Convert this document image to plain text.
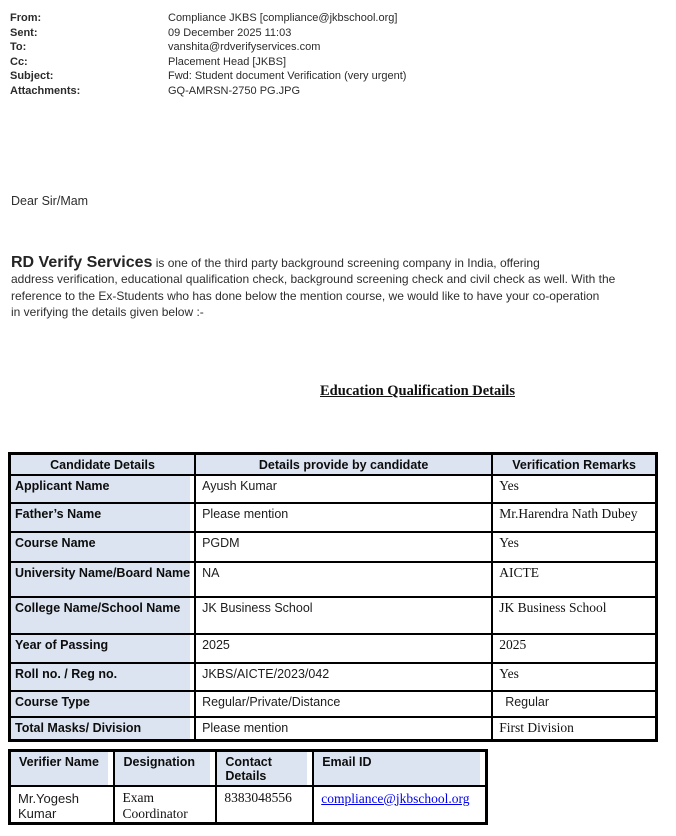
From:	Compliance JKBS [compliance@jkbschool.org]
Sent:	09 December 2025 11:03
To:	vanshita@rdverifyservices.com
Cc:	Placement Head [JKBS]
Subject:	Fwd: Student document Verification (very urgent)
Attachments:	GQ-AMRSN-2750 PG.JPG
Dear Sir/Mam
RD Verify Services is one of the third party background screening company in India, offering
address verification, educational qualification check, background screening check and civil check as well. With the
reference to the Ex-Students who has done below the mention course, we would like to have your co-operation
in verifying the details given below :-
Education Qualification Details
Candidate Details	Details provide by candidate	Verification Remarks
Applicant Name	Ayush Kumar	Yes
Father’s Name	Please mention	Mr.Harendra Nath Dubey
Course Name	PGDM	Yes
University Name/Board Name	NA	AICTE
College Name/School Name	JK Business School	JK Business School
Year of Passing	2025	2025
Roll no. / Reg no.	JKBS/AICTE/2023/042	Yes
Course Type	Regular/Private/Distance	Regular
Total Masks/ Division	Please mention	First Division
Verifier Name	Designation	Contact Details	Email ID
Mr.Yogesh Kumar	Exam Coordinator	8383048556	compliance@jkbschool.org
